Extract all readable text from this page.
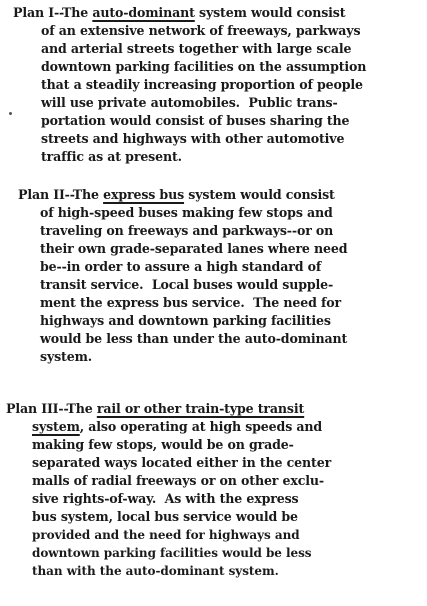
Plan I--The auto-dominant system would consist
of an extensive network of freeways, parkways
and arterial streets together with large scale
downtown parking facilities on the assumption
that a steadily increasing proportion of people
will use private automobiles.  Public trans-
portation would consist of buses sharing the
streets and highways with other automotive
traffic as at present.
Plan II--The express bus system would consist
of high-speed buses making few stops and
traveling on freeways and parkways--or on
their own grade-separated lanes where need
be--in order to assure a high standard of
transit service.  Local buses would supple-
ment the express bus service.  The need for
highways and downtown parking facilities
would be less than under the auto-dominant
system.
Plan III--The rail or other train-type transit
system, also operating at high speeds and
making few stops, would be on grade-
separated ways located either in the center
malls of radial freeways or on other exclu-
sive rights-of-way.  As with the express
bus system, local bus service would be
provided and the need for highways and
downtown parking facilities would be less
than with the auto-dominant system.
